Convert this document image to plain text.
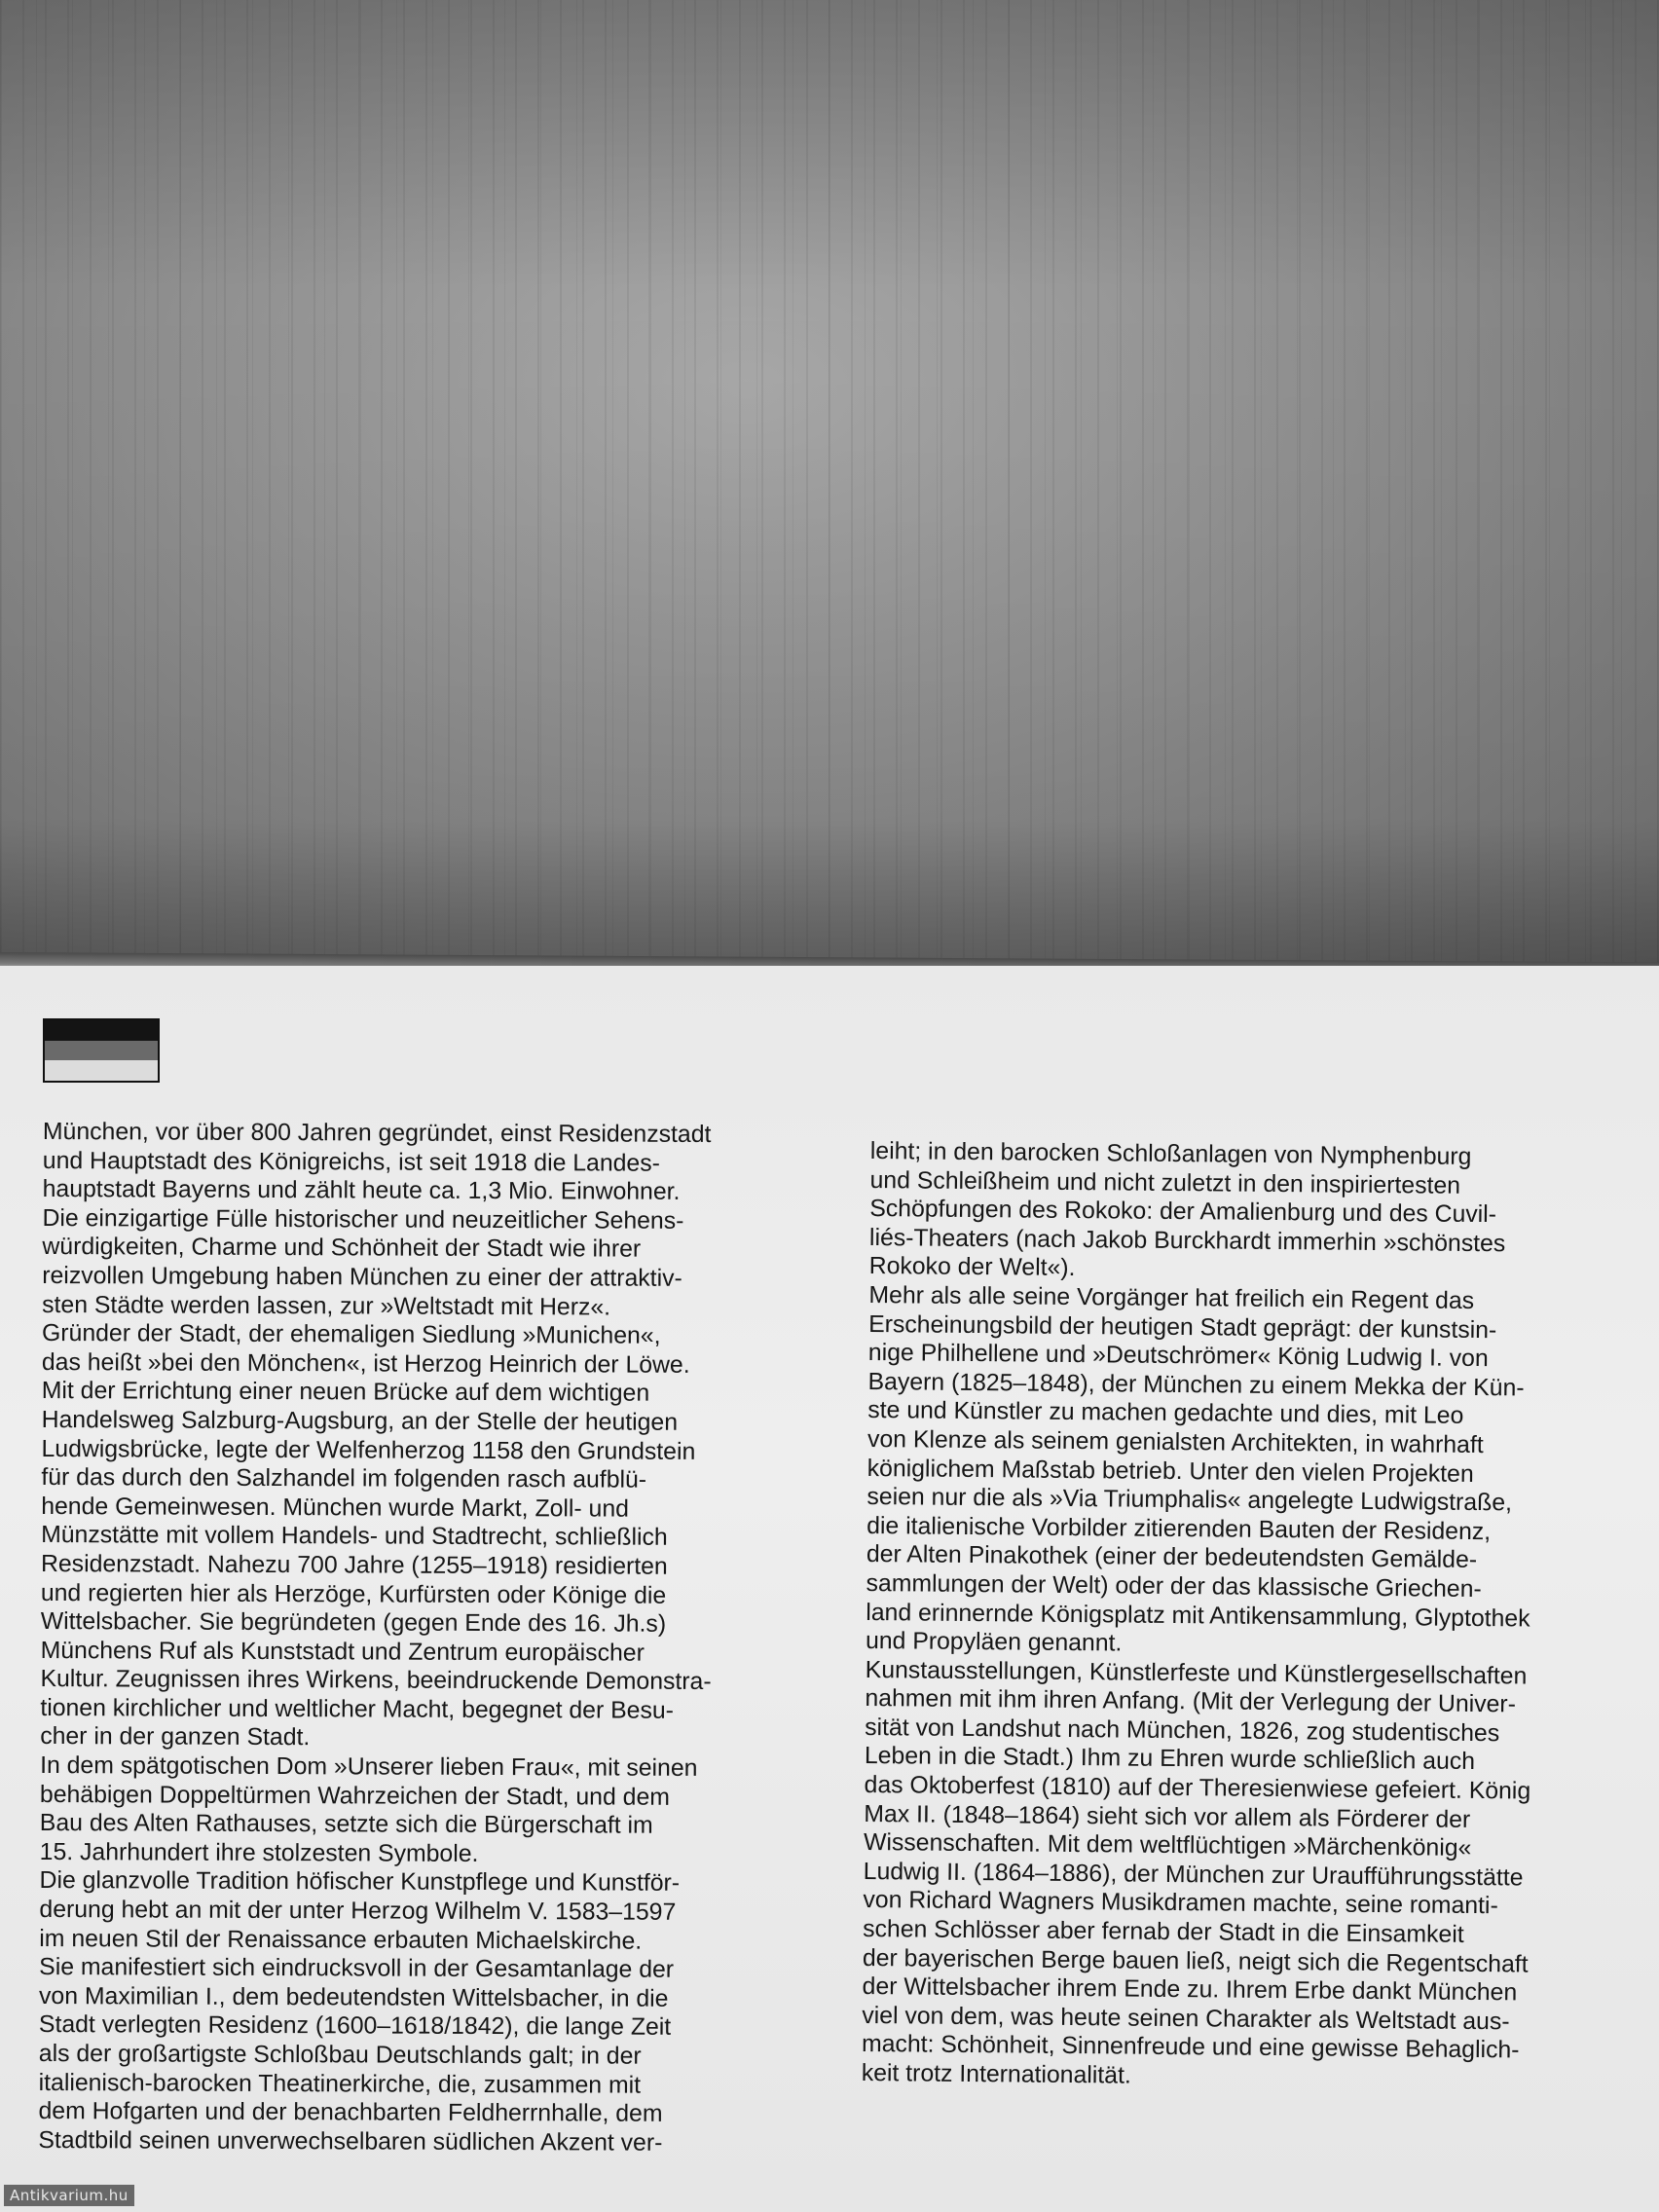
München, vor über 800 Jahren gegründet, einst Residenzstadt
und Hauptstadt des Königreichs, ist seit 1918 die Landes-
hauptstadt Bayerns und zählt heute ca. 1,3 Mio. Einwohner.
Die einzigartige Fülle historischer und neuzeitlicher Sehens-
würdigkeiten, Charme und Schönheit der Stadt wie ihrer
reizvollen Umgebung haben München zu einer der attraktiv-
sten Städte werden lassen, zur »Weltstadt mit Herz«.
Gründer der Stadt, der ehemaligen Siedlung »Munichen«,
das heißt »bei den Mönchen«, ist Herzog Heinrich der Löwe.
Mit der Errichtung einer neuen Brücke auf dem wichtigen
Handelsweg Salzburg-Augsburg, an der Stelle der heutigen
Ludwigsbrücke, legte der Welfenherzog 1158 den Grundstein
für das durch den Salzhandel im folgenden rasch aufblü-
hende Gemeinwesen. München wurde Markt, Zoll- und
Münzstätte mit vollem Handels- und Stadtrecht, schließlich
Residenzstadt. Nahezu 700 Jahre (1255–1918) residierten
und regierten hier als Herzöge, Kurfürsten oder Könige die
Wittelsbacher. Sie begründeten (gegen Ende des 16. Jh.s)
Münchens Ruf als Kunststadt und Zentrum europäischer
Kultur. Zeugnissen ihres Wirkens, beeindruckende Demonstra-
tionen kirchlicher und weltlicher Macht, begegnet der Besu-
cher in der ganzen Stadt.
In dem spätgotischen Dom »Unserer lieben Frau«, mit seinen
behäbigen Doppeltürmen Wahrzeichen der Stadt, und dem
Bau des Alten Rathauses, setzte sich die Bürgerschaft im
15. Jahrhundert ihre stolzesten Symbole.
Die glanzvolle Tradition höfischer Kunstpflege und Kunstför-
derung hebt an mit der unter Herzog Wilhelm V. 1583–1597
im neuen Stil der Renaissance erbauten Michaelskirche.
Sie manifestiert sich eindrucksvoll in der Gesamtanlage der
von Maximilian I., dem bedeutendsten Wittelsbacher, in die
Stadt verlegten Residenz (1600–1618/1842), die lange Zeit
als der großartigste Schloßbau Deutschlands galt; in der
italienisch-barocken Theatinerkirche, die, zusammen mit
dem Hofgarten und der benachbarten Feldherrnhalle, dem
Stadtbild seinen unverwechselbaren südlichen Akzent ver-
leiht; in den barocken Schloßanlagen von Nymphenburg
und Schleißheim und nicht zuletzt in den inspiriertesten
Schöpfungen des Rokoko: der Amalienburg und des Cuvil-
liés-Theaters (nach Jakob Burckhardt immerhin »schönstes
Rokoko der Welt«).
Mehr als alle seine Vorgänger hat freilich ein Regent das
Erscheinungsbild der heutigen Stadt geprägt: der kunstsin-
nige Philhellene und »Deutschrömer« König Ludwig I. von
Bayern (1825–1848), der München zu einem Mekka der Kün-
ste und Künstler zu machen gedachte und dies, mit Leo
von Klenze als seinem genialsten Architekten, in wahrhaft
königlichem Maßstab betrieb. Unter den vielen Projekten
seien nur die als »Via Triumphalis« angelegte Ludwigstraße,
die italienische Vorbilder zitierenden Bauten der Residenz,
der Alten Pinakothek (einer der bedeutendsten Gemälde-
sammlungen der Welt) oder der das klassische Griechen-
land erinnernde Königsplatz mit Antikensammlung, Glyptothek
und Propyläen genannt.
Kunstausstellungen, Künstlerfeste und Künstlergesellschaften
nahmen mit ihm ihren Anfang. (Mit der Verlegung der Univer-
sität von Landshut nach München, 1826, zog studentisches
Leben in die Stadt.) Ihm zu Ehren wurde schließlich auch
das Oktoberfest (1810) auf der Theresienwiese gefeiert. König
Max II. (1848–1864) sieht sich vor allem als Förderer der
Wissenschaften. Mit dem weltflüchtigen »Märchenkönig«
Ludwig II. (1864–1886), der München zur Uraufführungsstätte
von Richard Wagners Musikdramen machte, seine romanti-
schen Schlösser aber fernab der Stadt in die Einsamkeit
der bayerischen Berge bauen ließ, neigt sich die Regentschaft
der Wittelsbacher ihrem Ende zu. Ihrem Erbe dankt München
viel von dem, was heute seinen Charakter als Weltstadt aus-
macht: Schönheit, Sinnenfreude und eine gewisse Behaglich-
keit trotz Internationalität.
Antikvarium.hu
